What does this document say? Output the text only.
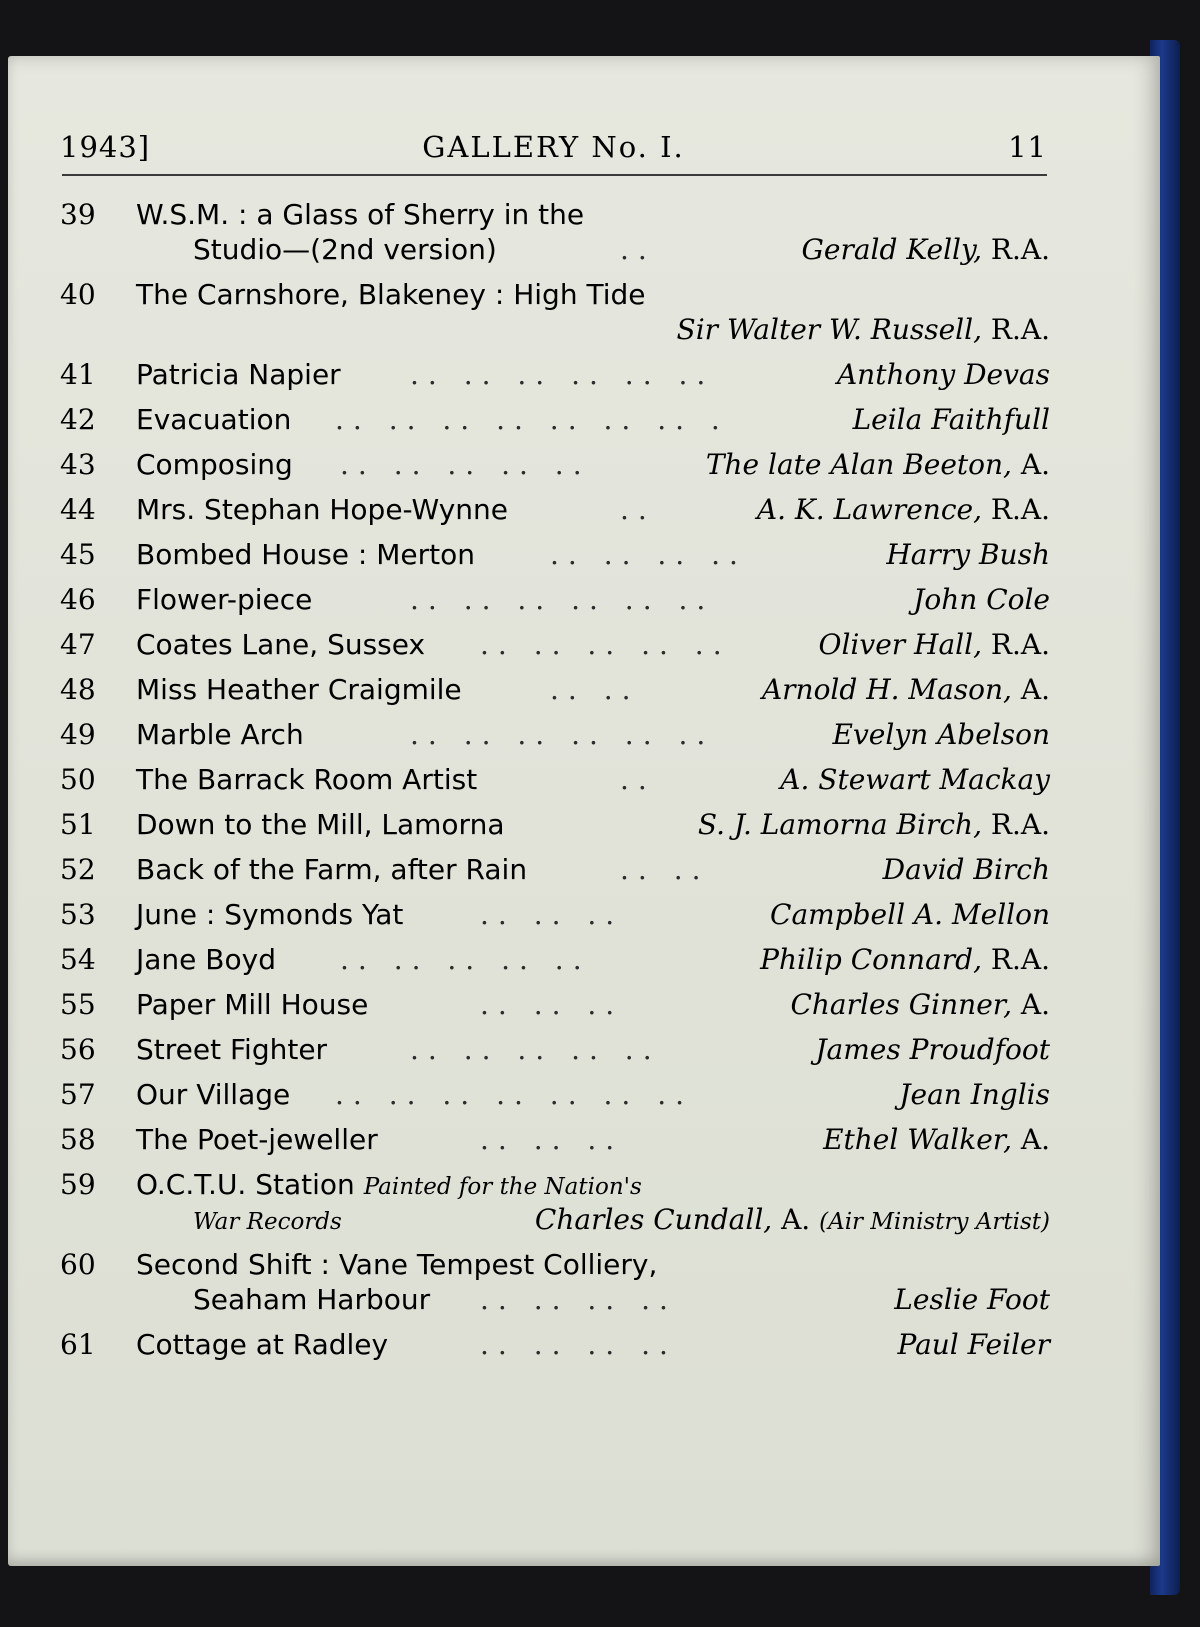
1943]	GALLERY No. I.	11
39	W.S.M. : a Glass of Sherry in the
Studio—(2nd version)	..	Gerald Kelly, R.A.
40	The Carnshore, Blakeney : High Tide
Sir Walter W. Russell, R.A.
41	Patricia Napier .. .. .. .. .. ..	Anthony Devas
42	Evacuation .. .. .. .. .. .. .. .	Leila Faithfull
43	Composing .. .. .. .. ..	The late Alan Beeton, A.
44	Mrs. Stephan Hope-Wynne	..	A. K. Lawrence, R.A.
45	Bombed House : Merton	.. .. .. ..	Harry Bush
46	Flower-piece	.. .. .. .. .. ..	John Cole
47	Coates Lane, Sussex .. .. .. .. ..	Oliver Hall, R.A.
48	Miss Heather Craigmile	.. ..	Arnold H. Mason, A.
49	Marble Arch	.. .. .. .. .. ..	Evelyn Abelson
50	The Barrack Room Artist	..	A. Stewart Mackay
51	Down to the Mill, Lamorna	S. J. Lamorna Birch, R.A.
52	Back of the Farm, after Rain	.. ..	David Birch
53	June : Symonds Yat	.. .. ..	Campbell A. Mellon
54	Jane Boyd .. .. .. .. ..	Philip Connard, R.A.
55	Paper Mill House	.. .. ..	Charles Ginner, A.
56	Street Fighter	.. .. .. .. ..	James Proudfoot
57	Our Village .. .. .. .. .. .. ..	Jean Inglis
58	The Poet-jeweller	.. .. ..	Ethel Walker, A.
59	O.C.T.U. Station Painted for the Nation's
War Records	Charles Cundall, A. (Air Ministry Artist)
60	Second Shift : Vane Tempest Colliery,
Seaham Harbour .. .. .. ..	Leslie Foot
61	Cottage at Radley	.. .. .. ..	Paul Feiler
